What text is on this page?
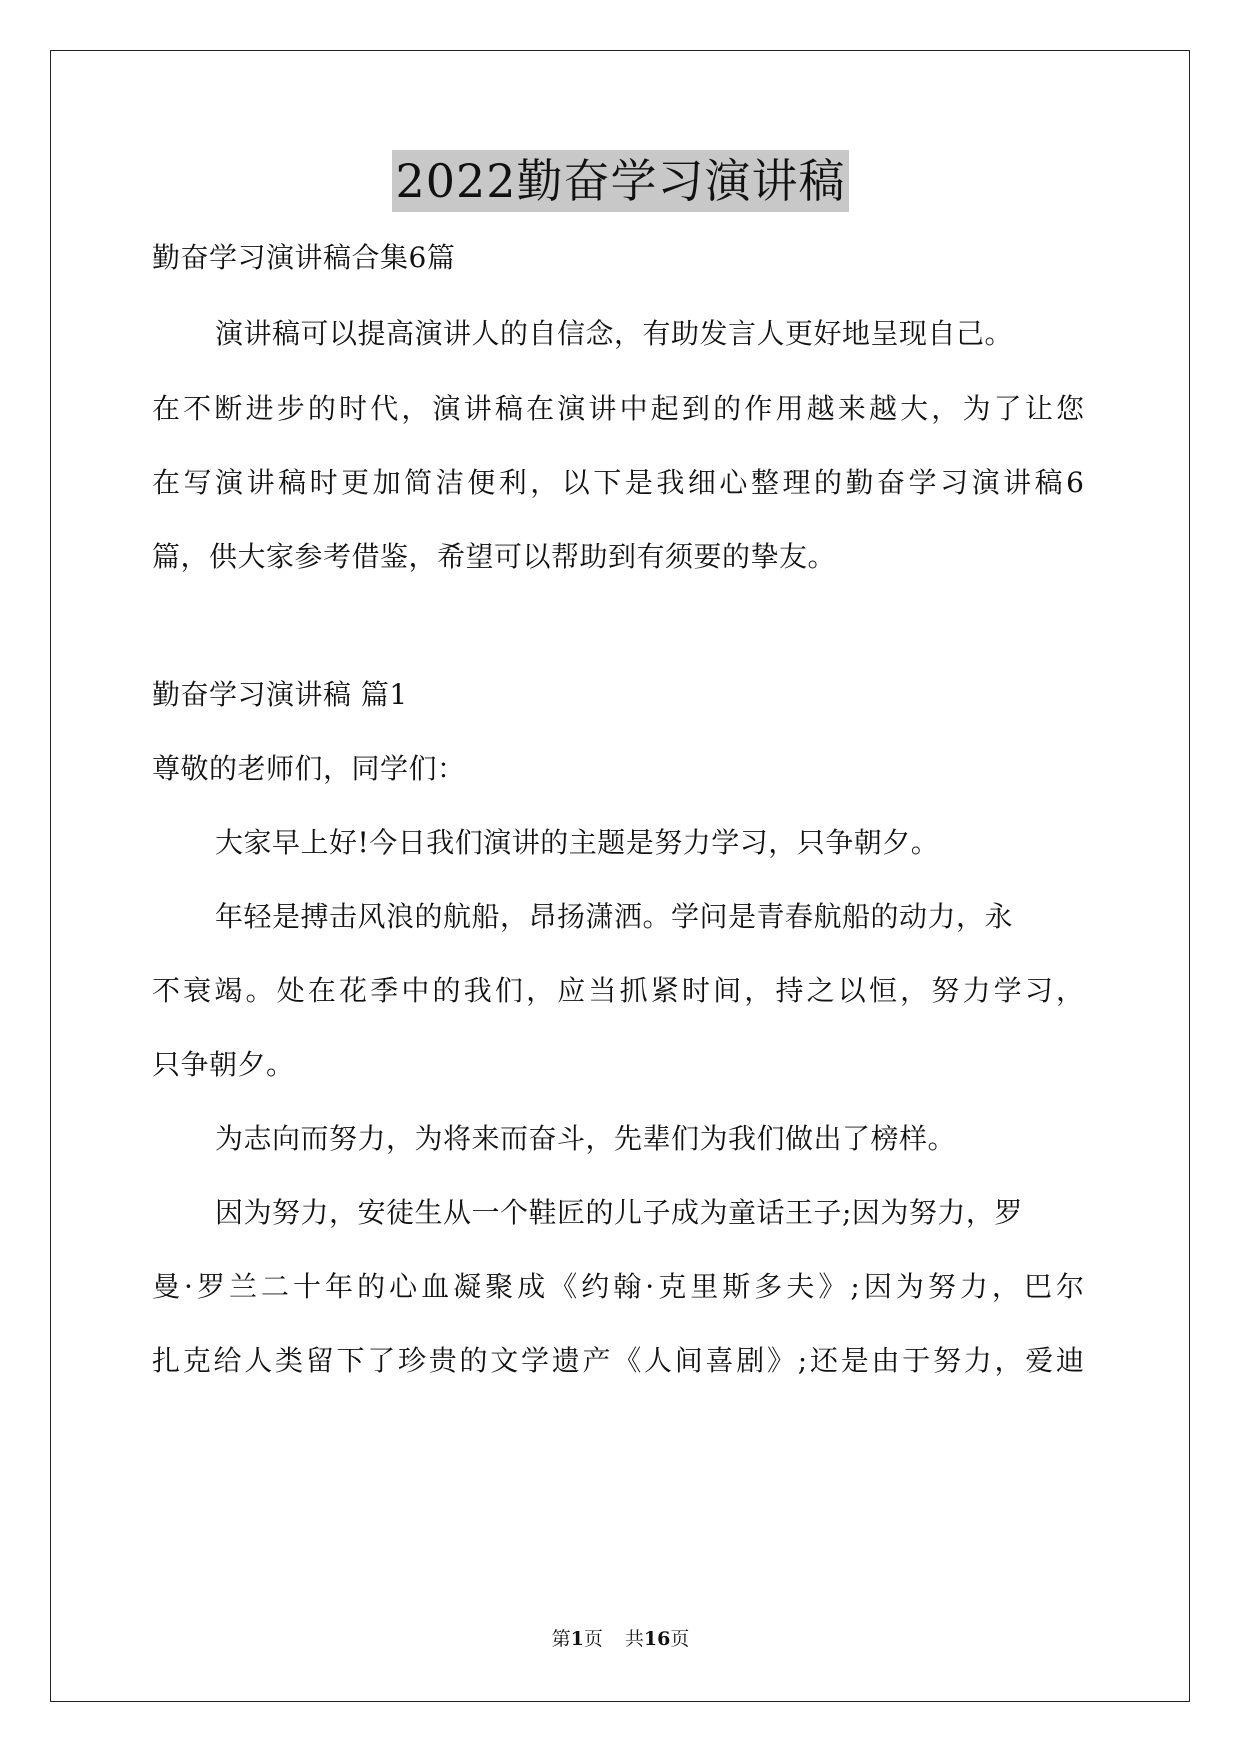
2022勤奋学习演讲稿
勤奋学习演讲稿合集6篇
演讲稿可以提高演讲人的自信念，有助发言人更好地呈现自己。
在不断进步的时代，演讲稿在演讲中起到的作用越来越大，为了让您
在写演讲稿时更加简洁便利，以下是我细心整理的勤奋学习演讲稿6
篇，供大家参考借鉴，希望可以帮助到有须要的挚友。
勤奋学习演讲稿 篇1
尊敬的老师们，同学们：
大家早上好!今日我们演讲的主题是努力学习，只争朝夕。
年轻是搏击风浪的航船，昂扬潇洒。学问是青春航船的动力，永
不衰竭。处在花季中的我们，应当抓紧时间，持之以恒，努力学习，
只争朝夕。
为志向而努力，为将来而奋斗，先辈们为我们做出了榜样。
因为努力，安徒生从一个鞋匠的儿子成为童话王子;因为努力，罗
曼·罗兰二十年的心血凝聚成《约翰·克里斯多夫》;因为努力，巴尔
扎克给人类留下了珍贵的文学遗产《人间喜剧》;还是由于努力，爱迪
第1页 共16页
